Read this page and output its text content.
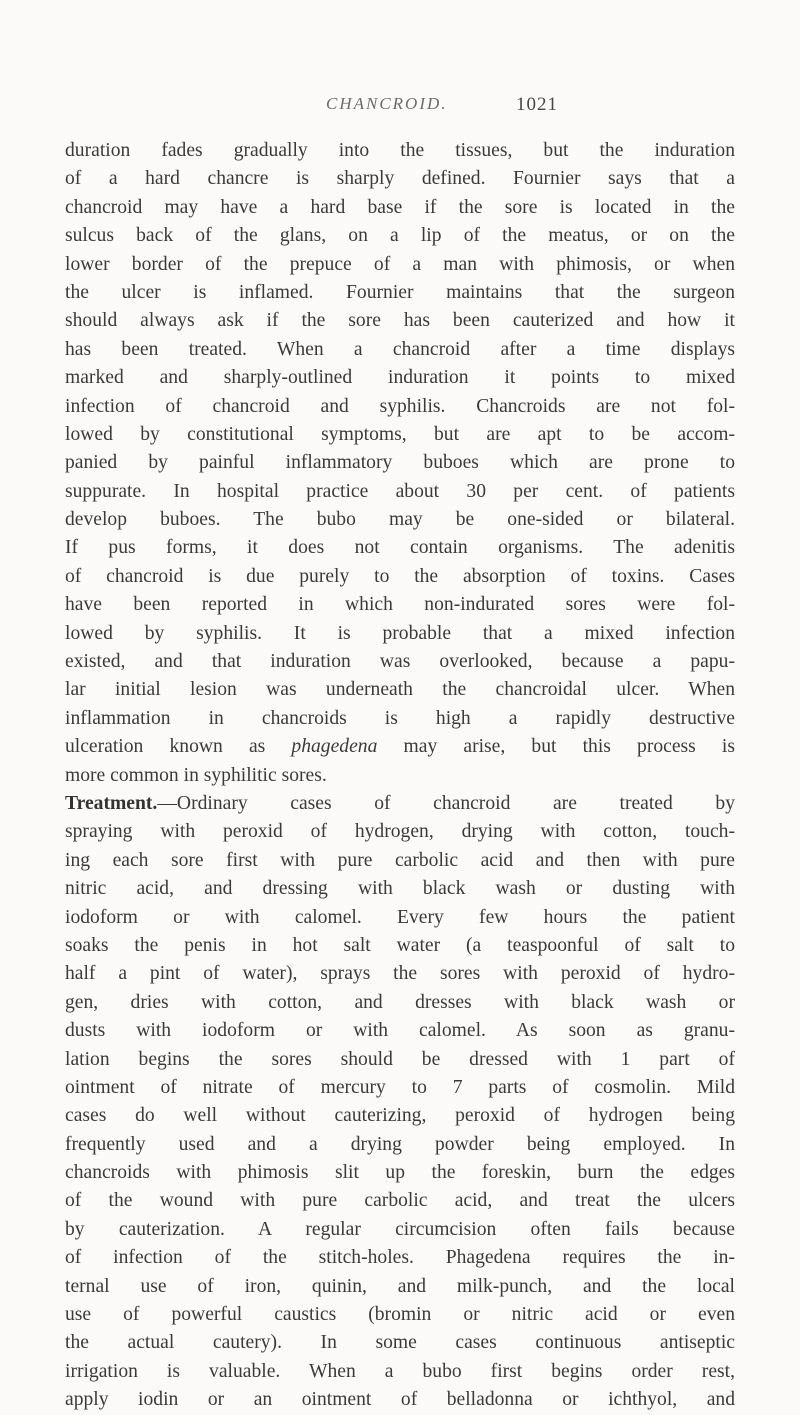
CHANCROID.	1021
duration fades gradually into the tissues, but the induration
of a hard chancre is sharply defined. Fournier says that a
chancroid may have a hard base if the sore is located in the
sulcus back of the glans, on a lip of the meatus, or on the
lower border of the prepuce of a man with phimosis, or when
the ulcer is inflamed. Fournier maintains that the surgeon
should always ask if the sore has been cauterized and how it
has been treated. When a chancroid after a time displays
marked and sharply-outlined induration it points to mixed
infection of chancroid and syphilis. Chancroids are not fol-
lowed by constitutional symptoms, but are apt to be accom-
panied by painful inflammatory buboes which are prone to
suppurate. In hospital practice about 30 per cent. of patients
develop buboes. The bubo may be one-sided or bilateral.
If pus forms, it does not contain organisms. The adenitis
of chancroid is due purely to the absorption of toxins. Cases
have been reported in which non-indurated sores were fol-
lowed by syphilis. It is probable that a mixed infection
existed, and that induration was overlooked, because a papu-
lar initial lesion was underneath the chancroidal ulcer. When
inflammation in chancroids is high a rapidly destructive
ulceration known as phagedena may arise, but this process is
more common in syphilitic sores.
Treatment.—Ordinary cases of chancroid are treated by
spraying with peroxid of hydrogen, drying with cotton, touch-
ing each sore first with pure carbolic acid and then with pure
nitric acid, and dressing with black wash or dusting with
iodoform or with calomel. Every few hours the patient
soaks the penis in hot salt water (a teaspoonful of salt to
half a pint of water), sprays the sores with peroxid of hydro-
gen, dries with cotton, and dresses with black wash or
dusts with iodoform or with calomel. As soon as granu-
lation begins the sores should be dressed with 1 part of
ointment of nitrate of mercury to 7 parts of cosmolin. Mild
cases do well without cauterizing, peroxid of hydrogen being
frequently used and a drying powder being employed. In
chancroids with phimosis slit up the foreskin, burn the edges
of the wound with pure carbolic acid, and treat the ulcers
by cauterization. A regular circumcision often fails because
of infection of the stitch-holes. Phagedena requires the in-
ternal use of iron, quinin, and milk-punch, and the local
use of powerful caustics (bromin or nitric acid or even
the actual cautery). In some cases continuous antiseptic
irrigation is valuable. When a bubo first begins order rest,
apply iodin or an ointment of belladonna or ichthyol, and
